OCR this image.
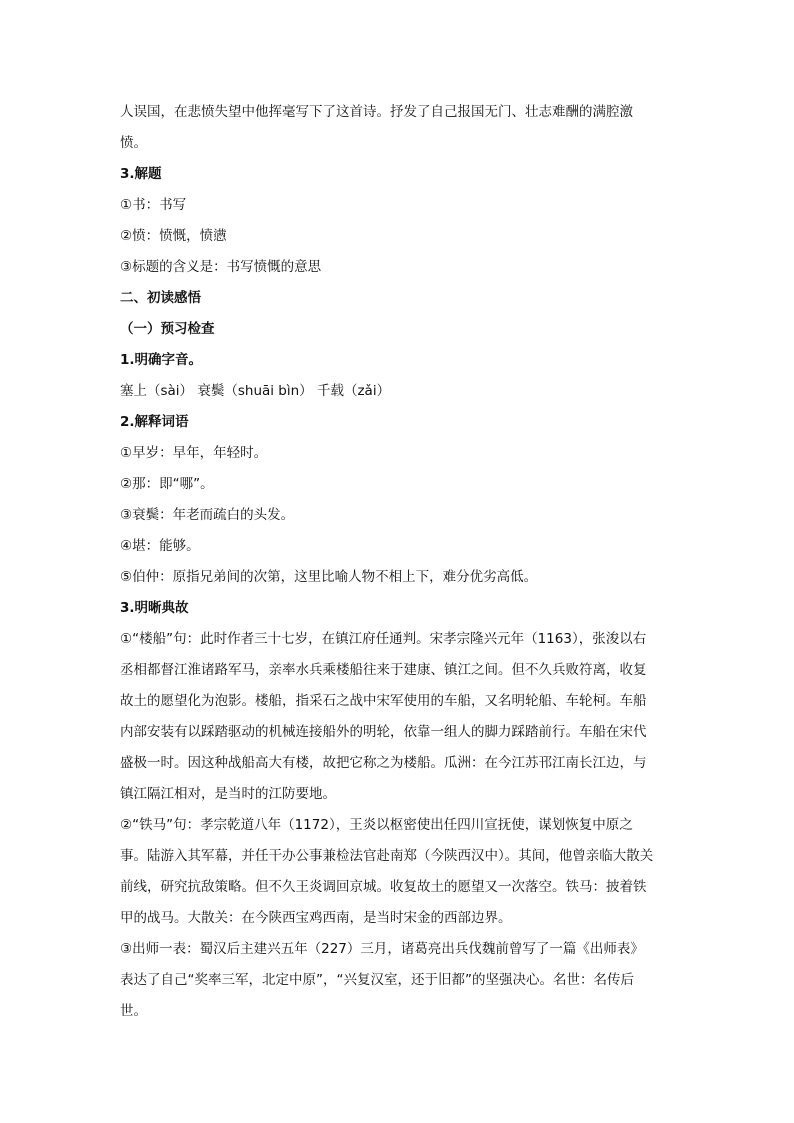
人误国，在悲愤失望中他挥毫写下了这首诗。抒发了自己报国无门、壮志难酬的满腔激
愤。
3.解题
①书：书写
②愤：愤慨，愤懑
③标题的含义是：书写愤慨的意思
二、初读感悟
（一）预习检查
1.明确字音。
塞上（sài） 衰鬓（shuāi bìn） 千载（zǎi）
2.解释词语
①早岁：早年，年轻时。
②那：即“哪”。
③衰鬓：年老而疏白的头发。
④堪：能够。
⑤伯仲：原指兄弟间的次第，这里比喻人物不相上下，难分优劣高低。
3.明晰典故
①“楼船”句：此时作者三十七岁，在镇江府任通判。宋孝宗隆兴元年（1163），张浚以右
丞相都督江淮诸路军马，亲率水兵乘楼船往来于建康、镇江之间。但不久兵败符离，收复
故土的愿望化为泡影。楼船，指采石之战中宋军使用的车船，又名明轮船、车轮柯。车船
内部安装有以踩踏驱动的机械连接船外的明轮，依靠一组人的脚力踩踏前行。车船在宋代
盛极一时。因这种战船高大有楼，故把它称之为楼船。瓜洲：在今江苏邗江南长江边，与
镇江隔江相对，是当时的江防要地。
②“铁马”句：孝宗乾道八年（1172），王炎以枢密使出任四川宣抚使，谋划恢复中原之
事。陆游入其军幕，并任干办公事兼检法官赴南郑（今陕西汉中）。其间，他曾亲临大散关
前线，研究抗敌策略。但不久王炎调回京城。收复故土的愿望又一次落空。铁马：披着铁
甲的战马。大散关：在今陕西宝鸡西南，是当时宋金的西部边界。
③出师一表：蜀汉后主建兴五年（227）三月，诸葛亮出兵伐魏前曾写了一篇《出师表》
表达了自己“奖率三军，北定中原”，“兴复汉室，还于旧都”的坚强决心。名世：名传后
世。
